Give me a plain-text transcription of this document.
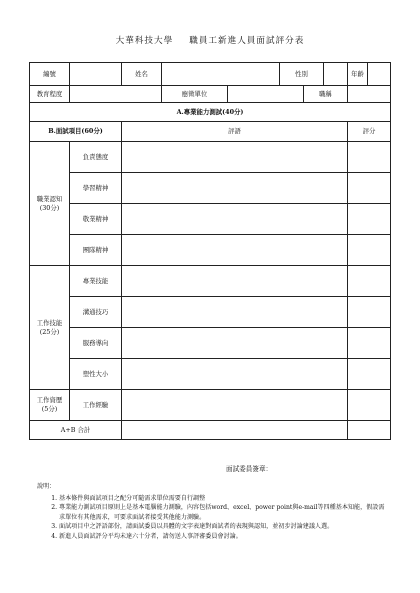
大華科技大學 職員工新進人員面試評分表
編號		姓名			性別			年齡	
教育程度			應徵單位			職稱			
A.專業能力測試(40分)									
B.面試項目(60分)		評語						評分	

職業認知
(30分)	負責態度								
	學習精神								
	敬業精神								
	團隊精神								

工作技能
(25分)	專業技能								
	溝通技巧								
	服務導向								
	塑性大小								

工作資歷
(5分)	工作經驗								
A+B 合計									
面試委員簽章：
說明：
1. 基本條件與面試項目之配分可隨需求單位需要自行調整
2. 專業能力測試項目原則上是基本電腦能力測驗，內容包括word、excel、power point與e-mail等四種基本知能，假設需求單位有其他需求，可要求面試者接受其他能力測驗。
3. 面試項目中之評語部份，請面試委員以具體的文字表達對面試者的表現與認知，並初步討論建議人選。
4. 新進人員面試評分平均未達六十分者，請勿送人事評審委員會討論。
